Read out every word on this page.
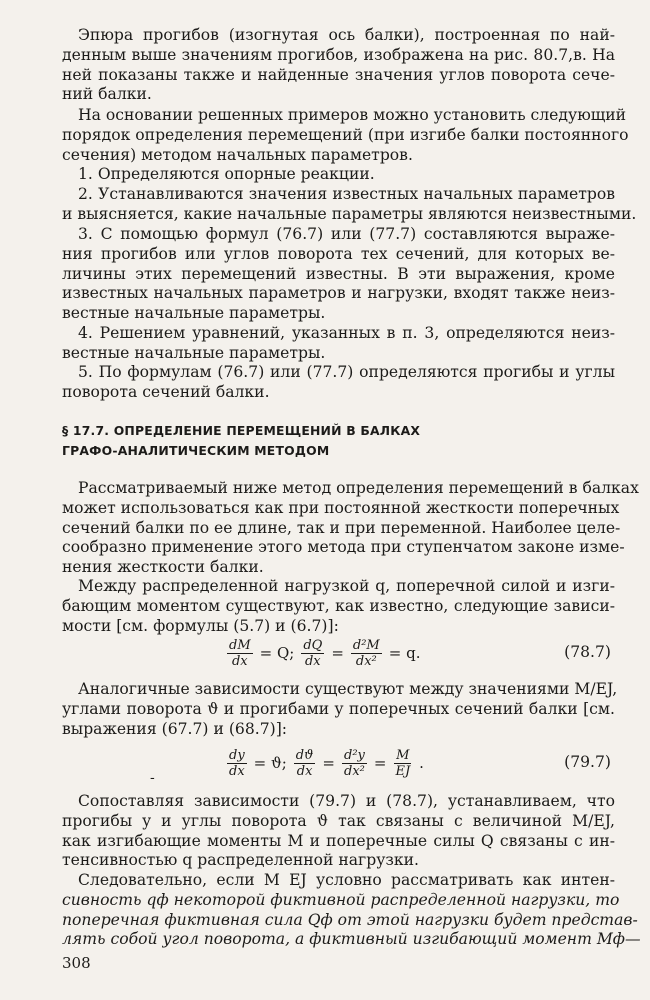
Эпюра прогибов (изогнутая ось балки), построенная по най-
денным выше значениям прогибов, изображена на рис. 80.7,в. На
ней показаны также и найденные значения углов поворота сече-
ний балки.
На основании решенных примеров можно установить следующий
порядок определения перемещений (при изгибе балки постоянного
сечения) методом начальных параметров.
1. Определяются опорные реакции.
2. Устанавливаются значения известных начальных параметров
и выясняется, какие начальные параметры являются неизвестными.
3. С помощью формул (76.7) или (77.7) составляются выраже-
ния прогибов или углов поворота тех сечений, для которых ве-
личины этих перемещений известны. В эти выражения, кроме
известных начальных параметров и нагрузки, входят также неиз-
вестные начальные параметры.
4. Решением уравнений, указанных в п. 3, определяются неиз-
вестные начальные параметры.
5. По формулам (76.7) или (77.7) определяются прогибы и углы
поворота сечений балки.
§ 17.7. ОПРЕДЕЛЕНИЕ ПЕРЕМЕЩЕНИЙ В БАЛКАХ
ГРАФО-АНАЛИТИЧЕСКИМ МЕТОДОМ
Рассматриваемый ниже метод определения перемещений в балках
может использоваться как при постоянной жесткости поперечных
сечений балки по ее длине, так и при переменной. Наиболее целе-
сообразно применение этого метода при ступенчатом законе изме-
нения жесткости балки.
Между распределенной нагрузкой q, поперечной силой и изги-
бающим моментом существуют, как известно, следующие зависи-
мости [см. формулы (5.7) и (6.7)]:
$\frac{dM}{dx} = Q$; $\frac{dQ}{dx} = \frac{\text{d²M}}{\text{dx²}} = q$.	(78.7)
Аналогичные зависимости существуют между значениями M/EJ,
углами поворота ϑ и прогибами y поперечных сечений балки [см.
выражения (67.7) и (68.7)]:
-	$\frac{dy}{dx} = ϑ$; $\frac{dϑ}{dx} = \frac{\text{d²y}}{\text{dx²}} = \frac{M}{EJ}$ .	(79.7)
Сопоставляя зависимости (79.7) и (78.7), устанавливаем, что
прогибы y и углы поворота ϑ так связаны с величиной M/EJ,
как изгибающие моменты M и поперечные силы Q связаны с ин-
тенсивностью q распределенной нагрузки.
Следовательно, если M EJ условно рассматривать как интен-
сивность qф некоторой фиктивной распределенной нагрузки, то
поперечная фиктивная сила Qф от этой нагрузки будет представ-
лять собой угол поворота, а фиктивный изгибающий момент Mф—
308
